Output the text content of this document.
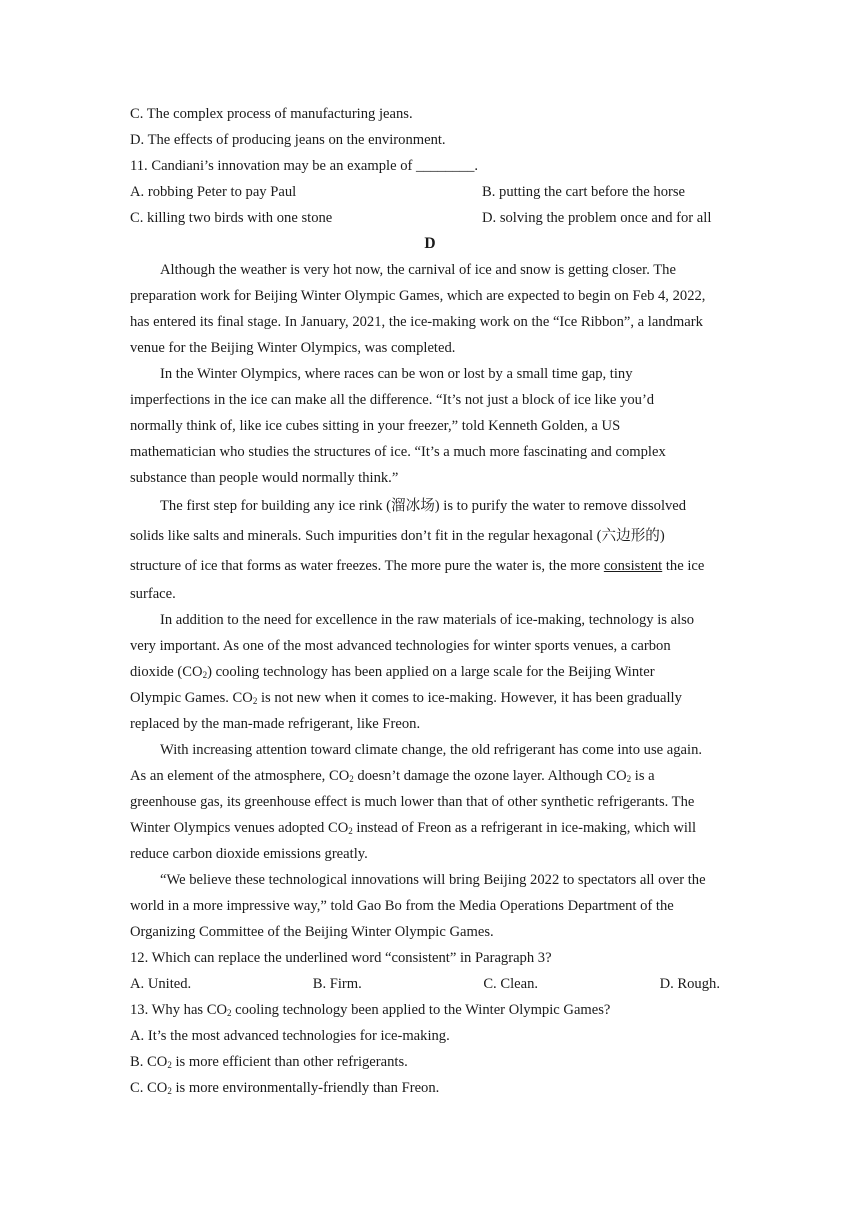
C. The complex process of manufacturing jeans.
D. The effects of producing jeans on the environment.
11. Candiani’s innovation may be an example of ________.
A. robbing Peter to pay Paul	B. putting the cart before the horse
C. killing two birds with one stone	D. solving the problem once and for all
D
Although the weather is very hot now, the carnival of ice and snow is getting closer. The
preparation work for Beijing Winter Olympic Games, which are expected to begin on Feb 4, 2022,
has entered its final stage. In January, 2021, the ice-making work on the “Ice Ribbon”, a landmark
venue for the Beijing Winter Olympics, was completed.
In the Winter Olympics, where races can be won or lost by a small time gap, tiny
imperfections in the ice can make all the difference. “It’s not just a block of ice like you’d
normally think of, like ice cubes sitting in your freezer,” told Kenneth Golden, a US
mathematician who studies the structures of ice. “It’s a much more fascinating and complex
substance than people would normally think.”
The first step for building any ice rink (溜冰场) is to purify the water to remove dissolved
solids like salts and minerals. Such impurities don’t fit in the regular hexagonal (六边形的)
structure of ice that forms as water freezes. The more pure the water is, the more consistent the ice
surface.
In addition to the need for excellence in the raw materials of ice-making, technology is also
very important. As one of the most advanced technologies for winter sports venues, a carbon
dioxide $(CO_2)$ cooling technology has been applied on a large scale for the Beijing Winter
Olympic Games. $CO_2$ is not new when it comes to ice-making. However, it has been gradually
replaced by the man-made refrigerant, like Freon.
With increasing attention toward climate change, the old refrigerant has come into use again.
As an element of the atmosphere, $CO_2$ doesn’t damage the ozone layer. Although $CO_2$ is a
greenhouse gas, its greenhouse effect is much lower than that of other synthetic refrigerants. The
Winter Olympics venues adopted $CO_2$ instead of Freon as a refrigerant in ice-making, which will
reduce carbon dioxide emissions greatly.
“We believe these technological innovations will bring Beijing 2022 to spectators all over the
world in a more impressive way,” told Gao Bo from the Media Operations Department of the
Organizing Committee of the Beijing Winter Olympic Games.
12. Which can replace the underlined word “consistent” in Paragraph 3?
A. United.	B. Firm.	C. Clean.	D. Rough.
13. Why has $CO_2$ cooling technology been applied to the Winter Olympic Games?
A. It’s the most advanced technologies for ice-making.
B. $CO_2$ is more efficient than other refrigerants.
C. $CO_2$ is more environmentally-friendly than Freon.
